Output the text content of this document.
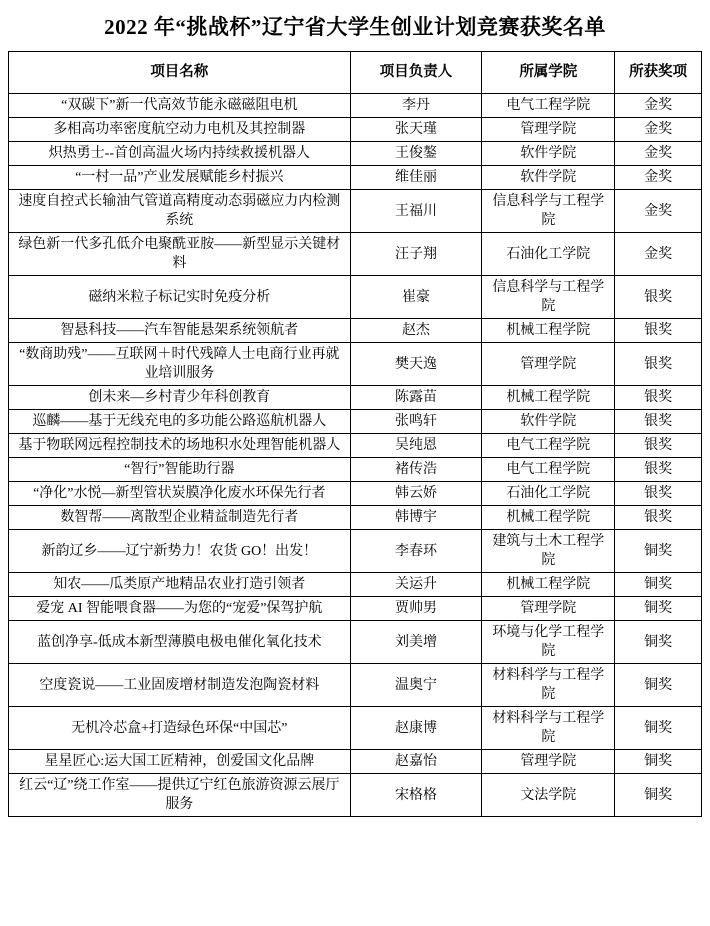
2022 年“挑战杯”辽宁省大学生创业计划竞赛获奖名单
项目名称	项目负责人	所属学院	所获奖项
“双碳下”新一代高效节能永磁磁阻电机	李丹	电气工程学院	金奖
多相高功率密度航空动力电机及其控制器	张天瑾	管理学院	金奖
炽热勇士--首创高温火场内持续救援机器人	王俊鏊	软件学院	金奖
“一村一品”产业发展赋能乡村振兴	维佳丽	软件学院	金奖
速度自控式长输油气管道高精度动态弱磁应力内检测系统	王福川	信息科学与工程学院	金奖
绿色新一代多孔低介电聚酰亚胺——新型显示关键材料	汪子翔	石油化工学院	金奖
磁纳米粒子标记实时免疫分析	崔豪	信息科学与工程学院	银奖
智悬科技——汽车智能悬架系统领航者	赵杰	机械工程学院	银奖
“数商助残”——互联网＋时代残障人士电商行业再就业培训服务	樊天逸	管理学院	银奖
创未来—乡村青少年科创教育	陈露苗	机械工程学院	银奖
巡麟——基于无线充电的多功能公路巡航机器人	张鸣轩	软件学院	银奖
基于物联网远程控制技术的场地积水处理智能机器人	吴纯恩	电气工程学院	银奖
“智行”智能助行器	褚传浩	电气工程学院	银奖
“净化”水悦—新型管状炭膜净化废水环保先行者	韩云娇	石油化工学院	银奖
数智帮——离散型企业精益制造先行者	韩博宇	机械工程学院	银奖
新韵辽乡——辽宁新势力！农货 GO！出发！	李春环	建筑与土木工程学院	铜奖
知农——瓜类原产地精品农业打造引领者	关运升	机械工程学院	铜奖
爱宠 AI 智能喂食器——为您的“宠爱”保驾护航	贾帅男	管理学院	铜奖
蓝创净享-低成本新型薄膜电极电催化氧化技术	刘美增	环境与化学工程学院	铜奖
空度瓷说——工业固废增材制造发泡陶瓷材料	温奥宁	材料科学与工程学院	铜奖
无机冷芯盒+打造绿色环保“中国芯”	赵康博	材料科学与工程学院	铜奖
星星匠心:运大国工匠精神，创爱国文化品牌	赵嘉怡	管理学院	铜奖
红云“辽”绕工作室——提供辽宁红色旅游资源云展厅服务	宋格格	文法学院	铜奖
